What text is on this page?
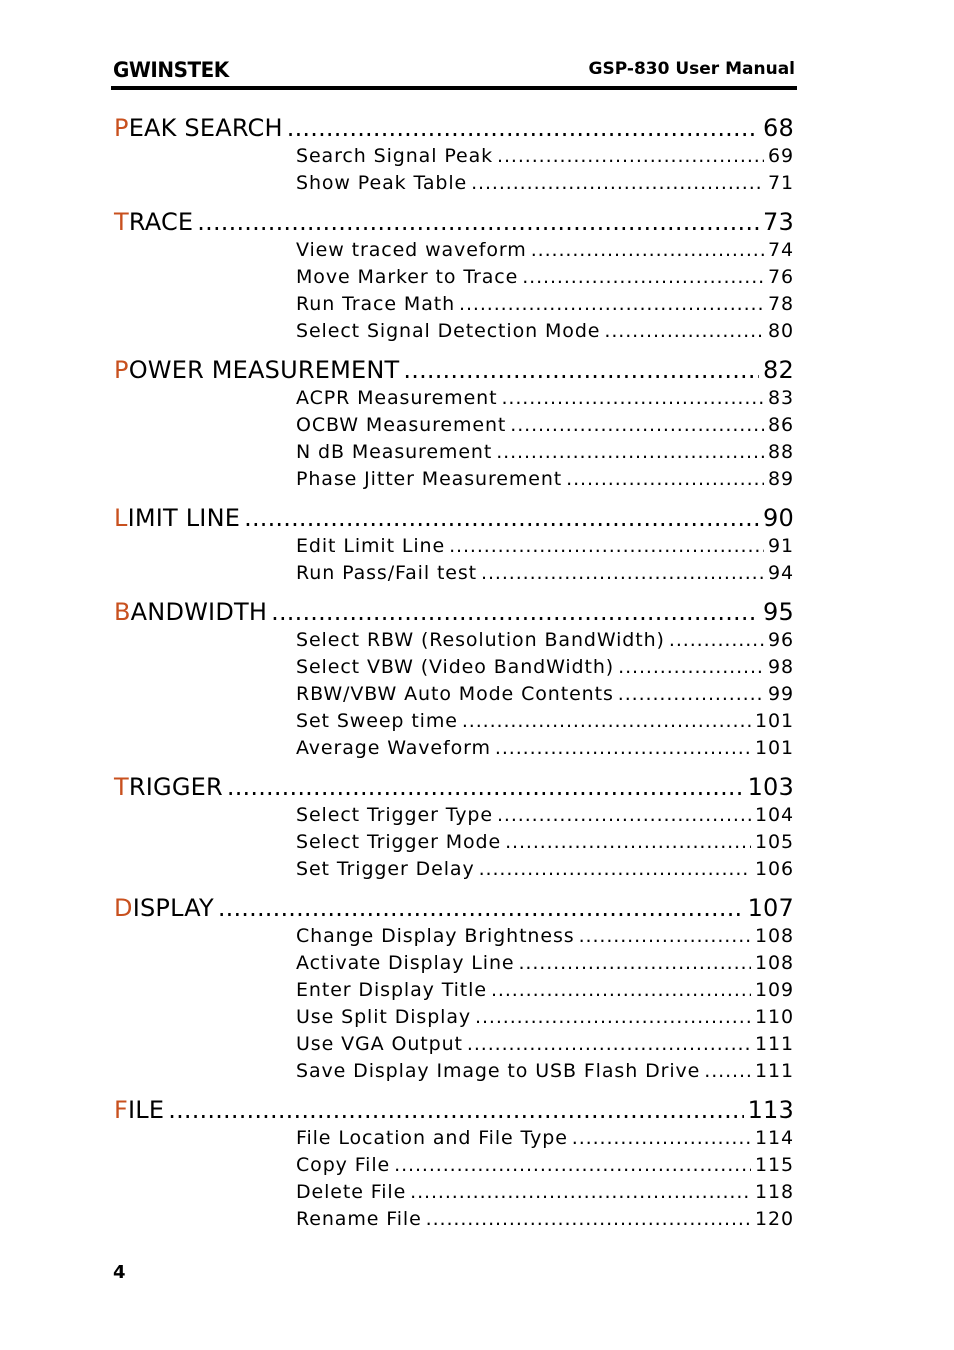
GWINSTEK	GSP-830 User Manual
PEAK SEARCH .....	68
Search Signal Peak .....	69
Show Peak Table .....	71
TRACE .....	73
View traced waveform .....	74
Move Marker to Trace .....	76
Run Trace Math .....	78
Select Signal Detection Mode .....	80
POWER MEASUREMENT .....	82
ACPR Measurement .....	83
OCBW Measurement .....	86
N dB Measurement .....	88
Phase Jitter Measurement .....	89
LIMIT LINE .....	90
Edit Limit Line .....	91
Run Pass/Fail test .....	94
BANDWIDTH .....	95
Select RBW (Resolution BandWidth) .....	96
Select VBW (Video BandWidth) .....	98
RBW/VBW Auto Mode Contents .....	99
Set Sweep time .....	101
Average Waveform .....	101
TRIGGER .....	103
Select Trigger Type .....	104
Select Trigger Mode .....	105
Set Trigger Delay .....	106
DISPLAY .....	107
Change Display Brightness .....	108
Activate Display Line .....	108
Enter Display Title .....	109
Use Split Display .....	110
Use VGA Output .....	111
Save Display Image to USB Flash Drive .....	111
FILE .....	113
File Location and File Type .....	114
Copy File .....	115
Delete File .....	118
Rename File .....	120
4
